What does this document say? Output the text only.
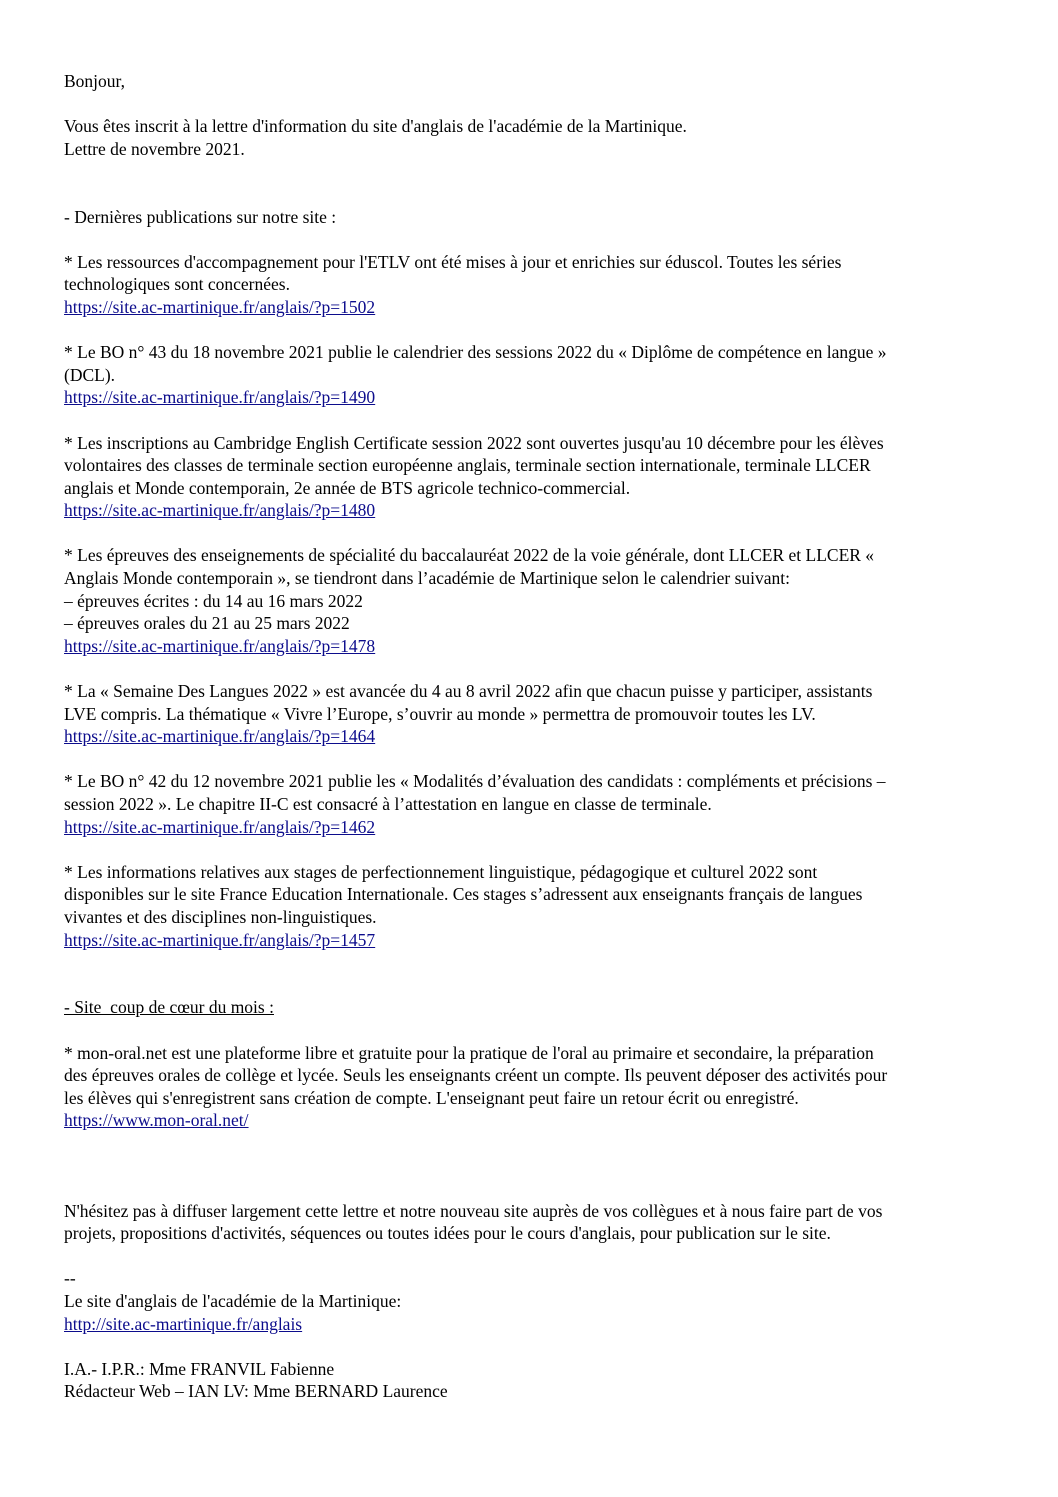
Bonjour,

Vous êtes inscrit à la lettre d'information du site d'anglais de l'académie de la Martinique.

Lettre de novembre 2021.

- Dernières publications sur notre site :

* Les ressources d'accompagnement pour l'ETLV ont été mises à jour et enrichies sur éduscol. Toutes les séries

technologiques sont concernées.

https://site.ac-martinique.fr/anglais/?p=1502

* Le BO n° 43 du 18 novembre 2021 publie le calendrier des sessions 2022 du « Diplôme de compétence en langue »

(DCL).

https://site.ac-martinique.fr/anglais/?p=1490

* Les inscriptions au Cambridge English Certificate session 2022 sont ouvertes jusqu'au 10 décembre pour les élèves

volontaires des classes de terminale section européenne anglais, terminale section internationale, terminale LLCER

anglais et Monde contemporain, 2e année de BTS agricole technico-commercial.

https://site.ac-martinique.fr/anglais/?p=1480

* Les épreuves des enseignements de spécialité du baccalauréat 2022 de la voie générale, dont LLCER et LLCER «

Anglais Monde contemporain », se tiendront dans l’académie de Martinique selon le calendrier suivant:

– épreuves écrites : du 14 au 16 mars 2022

– épreuves orales du 21 au 25 mars 2022

https://site.ac-martinique.fr/anglais/?p=1478

* La « Semaine Des Langues 2022 » est avancée du 4 au 8 avril 2022 afin que chacun puisse y participer, assistants

LVE compris. La thématique « Vivre l’Europe, s’ouvrir au monde » permettra de promouvoir toutes les LV.

https://site.ac-martinique.fr/anglais/?p=1464

* Le BO n° 42 du 12 novembre 2021 publie les « Modalités d’évaluation des candidats : compléments et précisions –

session 2022 ». Le chapitre II-C est consacré à l’attestation en langue en classe de terminale.

https://site.ac-martinique.fr/anglais/?p=1462

* Les informations relatives aux stages de perfectionnement linguistique, pédagogique et culturel 2022 sont

disponibles sur le site France Education Internationale. Ces stages s’adressent aux enseignants français de langues

vivantes et des disciplines non-linguistiques.

https://site.ac-martinique.fr/anglais/?p=1457

- Site  coup de cœur du mois :

* mon-oral.net est une plateforme libre et gratuite pour la pratique de l'oral au primaire et secondaire, la préparation

des épreuves orales de collège et lycée. Seuls les enseignants créent un compte. Ils peuvent déposer des activités pour

les élèves qui s'enregistrent sans création de compte. L'enseignant peut faire un retour écrit ou enregistré.

https://www.mon-oral.net/

N'hésitez pas à diffuser largement cette lettre et notre nouveau site auprès de vos collègues et à nous faire part de vos

projets, propositions d'activités, séquences ou toutes idées pour le cours d'anglais, pour publication sur le site.

--

Le site d'anglais de l'académie de la Martinique:

http://site.ac-martinique.fr/anglais

I.A.- I.P.R.: Mme FRANVIL Fabienne

Rédacteur Web – IAN LV: Mme BERNARD Laurence
